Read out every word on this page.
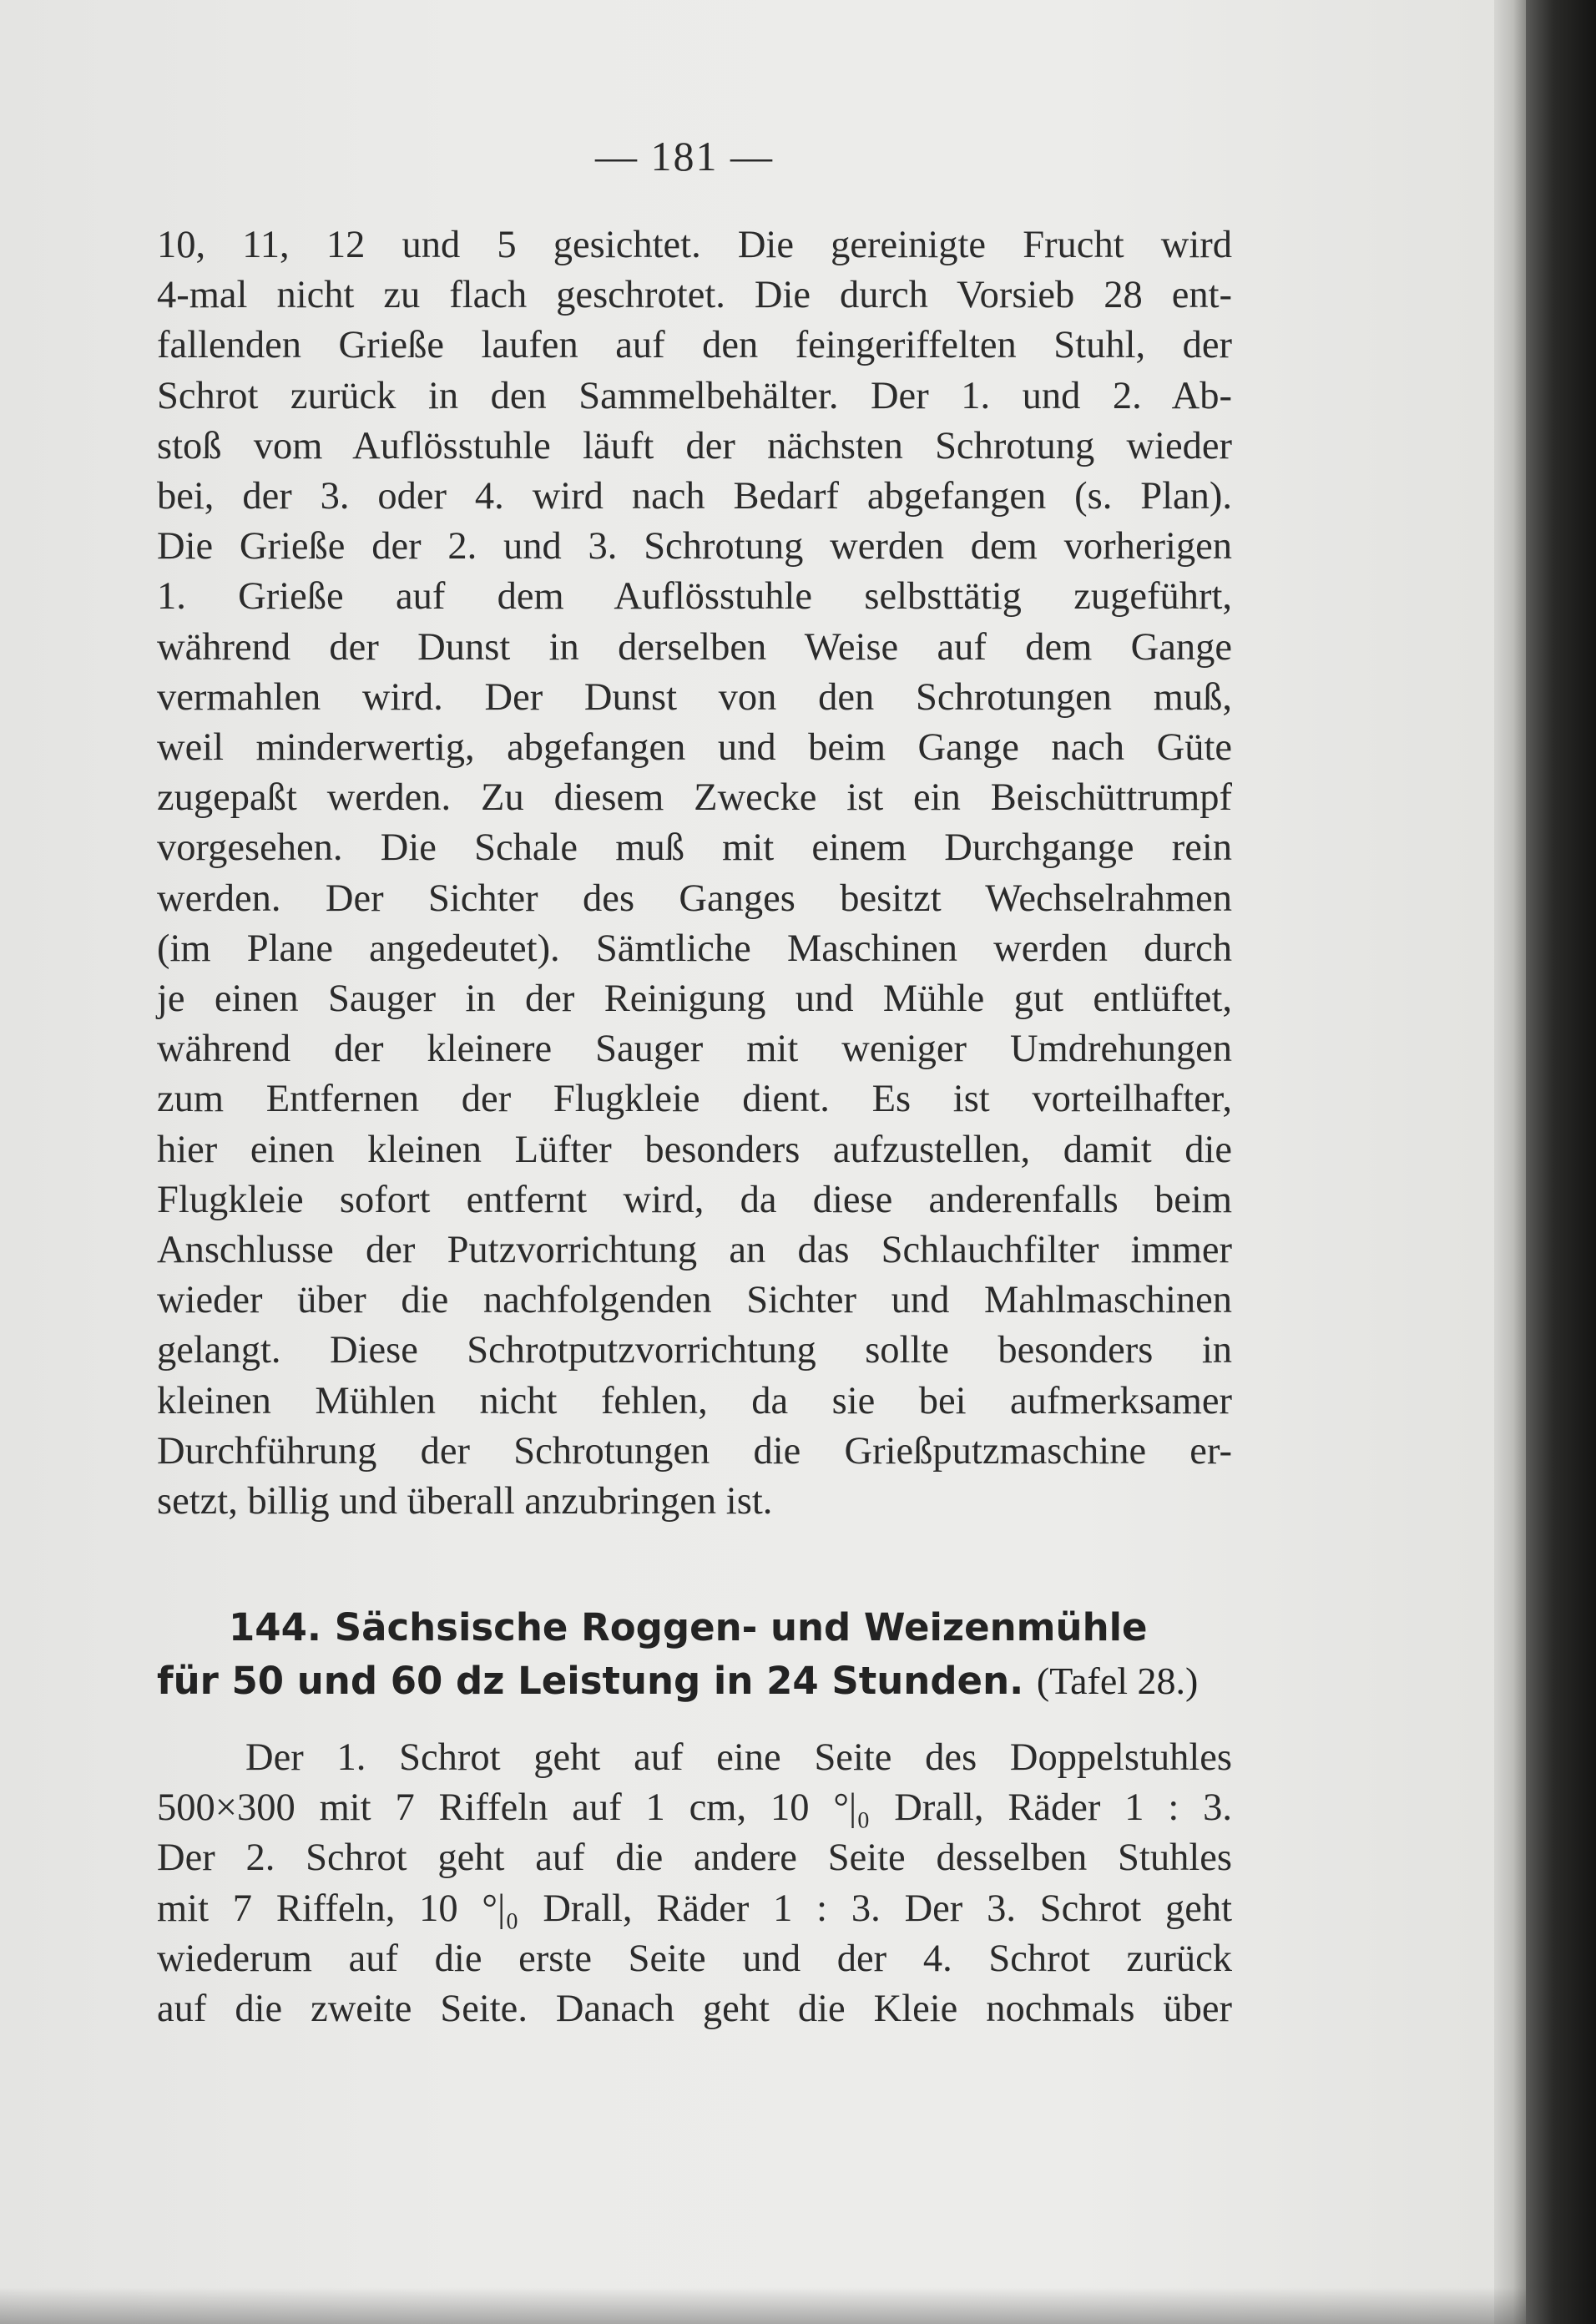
— 181 —
10, 11, 12 und 5 gesichtet. Die gereinigte Frucht wird
4-mal nicht zu flach geschrotet. Die durch Vorsieb 28 ent-
fallenden Grieße laufen auf den feingeriffelten Stuhl, der
Schrot zurück in den Sammelbehälter. Der 1. und 2. Ab-
stoß vom Auflösstuhle läuft der nächsten Schrotung wieder
bei, der 3. oder 4. wird nach Bedarf abgefangen (s. Plan).
Die Grieße der 2. und 3. Schrotung werden dem vorherigen
1. Grieße auf dem Auflösstuhle selbsttätig zugeführt,
während der Dunst in derselben Weise auf dem Gange
vermahlen wird. Der Dunst von den Schrotungen muß,
weil minderwertig, abgefangen und beim Gange nach Güte
zugepaßt werden. Zu diesem Zwecke ist ein Beischüttrumpf
vorgesehen. Die Schale muß mit einem Durchgange rein
werden. Der Sichter des Ganges besitzt Wechselrahmen
(im Plane angedeutet). Sämtliche Maschinen werden durch
je einen Sauger in der Reinigung und Mühle gut entlüftet,
während der kleinere Sauger mit weniger Umdrehungen
zum Entfernen der Flugkleie dient. Es ist vorteilhafter,
hier einen kleinen Lüfter besonders aufzustellen, damit die
Flugkleie sofort entfernt wird, da diese anderenfalls beim
Anschlusse der Putzvorrichtung an das Schlauchfilter immer
wieder über die nachfolgenden Sichter und Mahlmaschinen
gelangt. Diese Schrotputzvorrichtung sollte besonders in
kleinen Mühlen nicht fehlen, da sie bei aufmerksamer
Durchführung der Schrotungen die Grießputzmaschine er-
setzt, billig und überall anzubringen ist.
144. Sächsische Roggen- und Weizenmühle
für 50 und 60 dz Leistung in 24 Stunden. (Tafel 28.)
Der 1. Schrot geht auf eine Seite des Doppelstuhles
500×300 mit 7 Riffeln auf 1 cm, 10 °|₀ Drall, Räder 1 : 3.
Der 2. Schrot geht auf die andere Seite desselben Stuhles
mit 7 Riffeln, 10 °|₀ Drall, Räder 1 : 3. Der 3. Schrot geht
wiederum auf die erste Seite und der 4. Schrot zurück
auf die zweite Seite. Danach geht die Kleie nochmals über
